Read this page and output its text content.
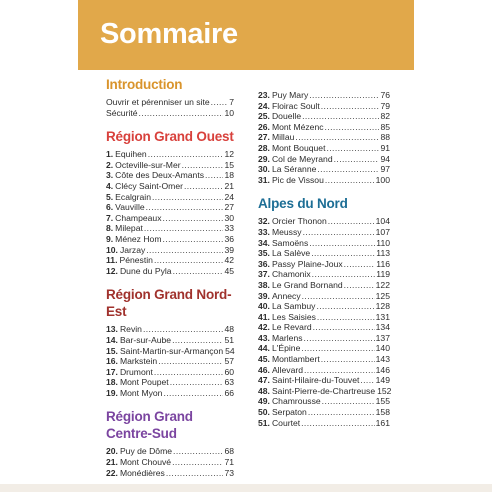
Sommaire
Introduction
Ouvrir et pérenniser un site ..... 7
Sécurité .....	10
Région Grand Ouest
1. Equihen .....	12
2. Octeville-sur-Mer .....	15
3. Côte des Deux-Amants ..... 18
4. Clécy Saint-Omer .....	21
5. Ecalgrain .....	24
6. Vauville .....	27
7. Champeaux .....	30
8. Milepat .....	33
9. Ménez Hom .....	36
10. Jarzay .....	39
11. Pénestin .....	42
12. Dune du Pyla .....	45
Région Grand Nord-Est
13. Revin .....	48
14. Bar-sur-Aube .....	51
15. Saint-Martin-sur-Armançon 54
16. Markstein .....	57
17. Drumont .....	60
18. Mont Poupet .....	63
19. Mont Myon .....	66
Région Grand Centre-Sud
20. Puy de Dôme .....	68
21. Mont Chouvé .....	71
22. Monédières .....	73
23. Puy Mary .....	76
24. Floirac Soult .....	79
25. Douelle .....	82
26. Mont Mézenc .....	85
27. Millau .....	88
28. Mont Bouquet .....	91
29. Col de Meyrand .....	94
30. La Séranne .....	97
31. Pic de Vissou .....	100
Alpes du Nord
32. Orcier Thonon .....	104
33. Meussy .....	107
34. Samoëns .....	110
35. La Salève .....	113
36. Passy Plaine-Joux .....	116
37. Chamonix .....	119
38. Le Grand Bornand .....	122
39. Annecy .....	125
40. La Sambuy .....	128
41. Les Saisies .....	131
42. Le Revard .....	134
43. Marlens .....	137
44. L'Épine .....	140
45. Montlambert .....	143
46. Allevard .....	146
47. Saint-Hilaire-du-Touvet ..... 149
48. Saint-Pierre-de-Chartreuse 152
49. Chamrousse .....	155
50. Serpaton .....	158
51. Courtet .....	161
